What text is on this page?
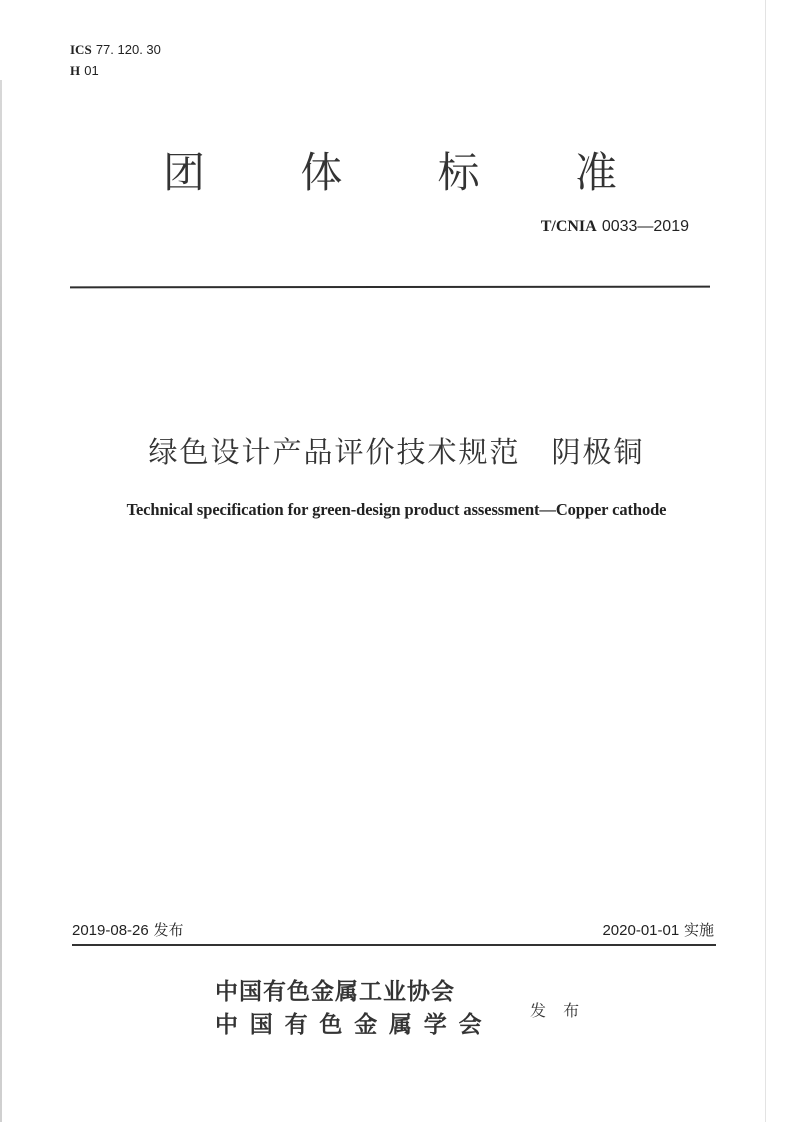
ICS 77. 120. 30
H 01
团 体 标 准
T/CNIA 0033—2019
绿色设计产品评价技术规范　阴极铜
Technical specification for green-design product assessment—Copper cathode
2019-08-26 发布	2020-01-01 实施
中国有色金属工业协会
中国有色金属学会
发 布
